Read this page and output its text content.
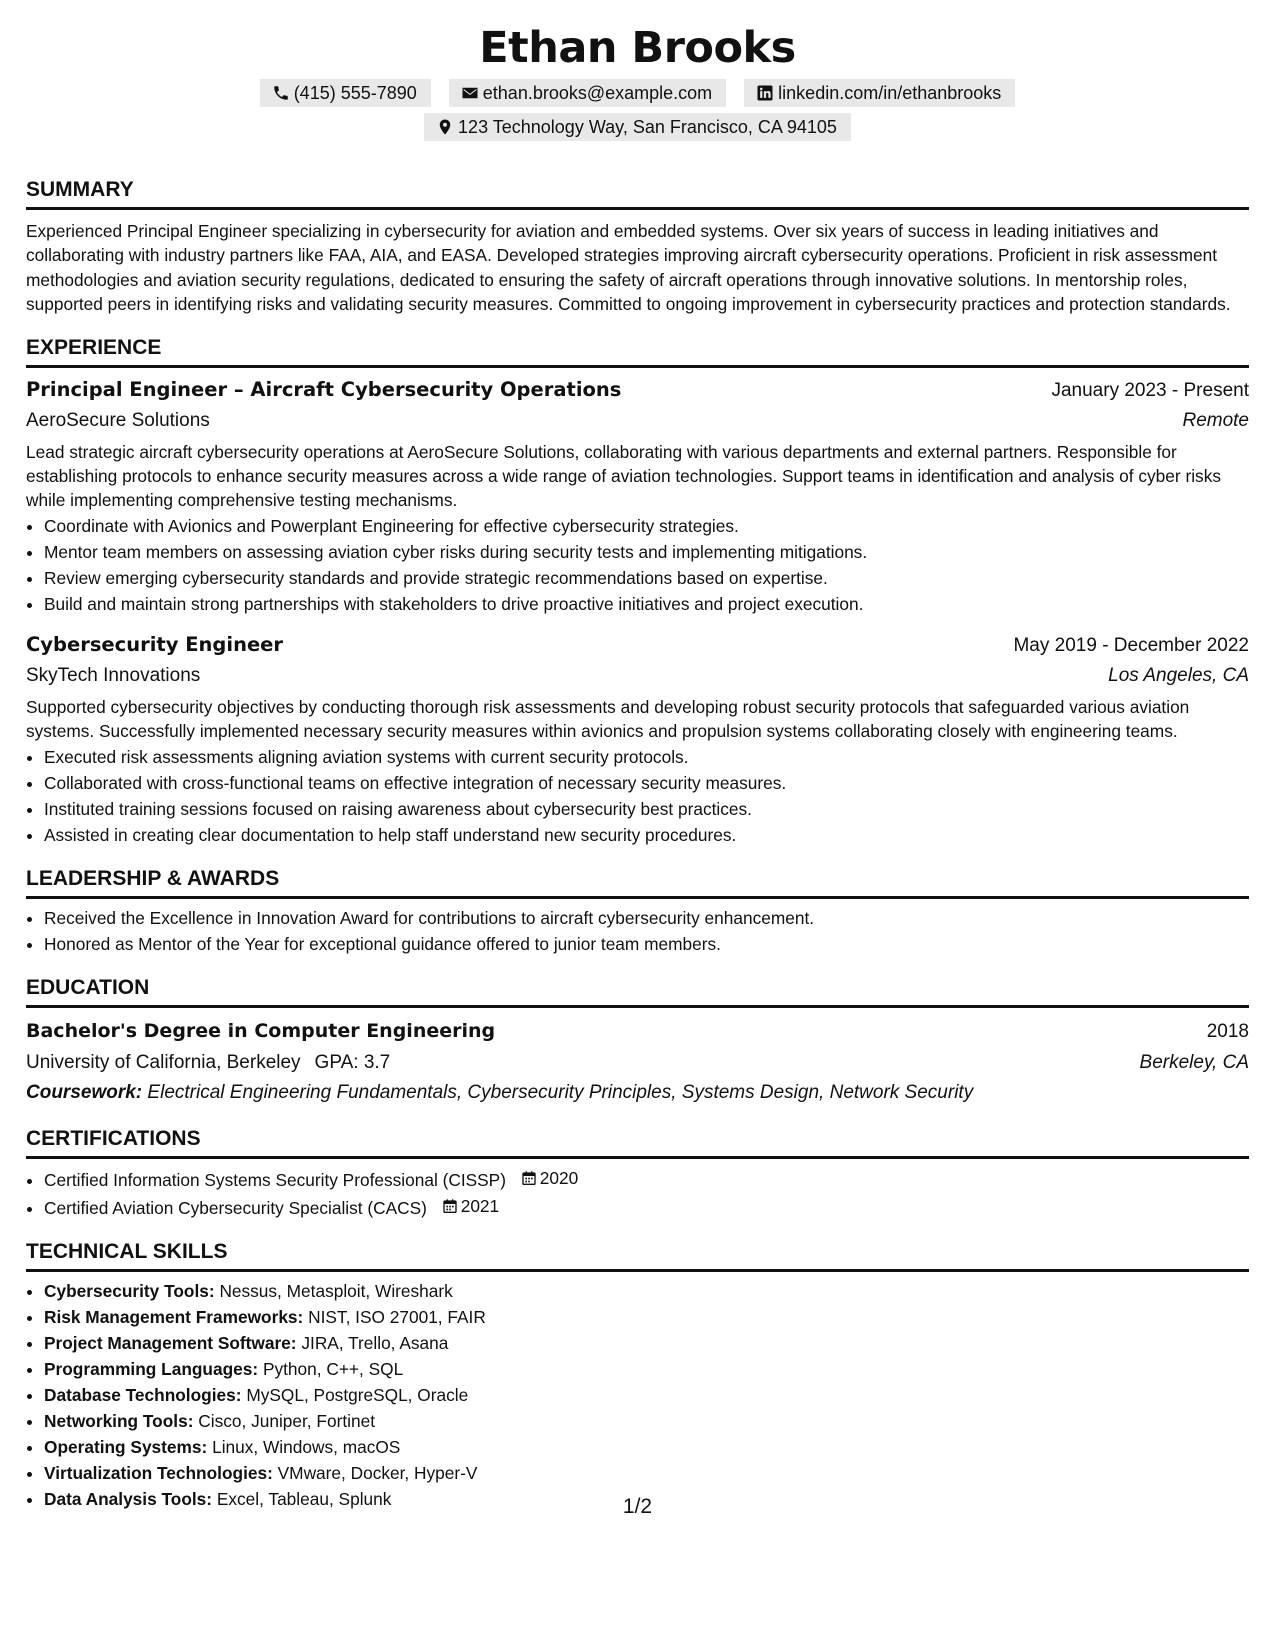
Ethan Brooks
(415) 555-7890	ethan.brooks@example.com	linkedin.com/in/ethanbrooks
123 Technology Way, San Francisco, CA 94105
SUMMARY

Experienced Principal Engineer specializing in cybersecurity for aviation and embedded systems. Over six years of success in leading initiatives and collaborating with industry partners like FAA, AIA, and EASA. Developed strategies improving aircraft cybersecurity operations. Proficient in risk assessment methodologies and aviation security regulations, dedicated to ensuring the safety of aircraft operations through innovative solutions. In mentorship roles, supported peers in identifying risks and validating security measures. Committed to ongoing improvement in cybersecurity practices and protection standards.

EXPERIENCE
Principal Engineer – Aircraft Cybersecurity Operations	January 2023 - Present
AeroSecure Solutions	Remote

Lead strategic aircraft cybersecurity operations at AeroSecure Solutions, collaborating with various departments and external partners. Responsible for establishing protocols to enhance security measures across a wide range of aviation technologies. Support teams in identification and analysis of cyber risks while implementing comprehensive testing mechanisms.

• Coordinate with Avionics and Powerplant Engineering for effective cybersecurity strategies.
• Mentor team members on assessing aviation cyber risks during security tests and implementing mitigations.
• Review emerging cybersecurity standards and provide strategic recommendations based on expertise.
• Build and maintain strong partnerships with stakeholders to drive proactive initiatives and project execution.
Cybersecurity Engineer	May 2019 - December 2022
SkyTech Innovations	Los Angeles, CA

Supported cybersecurity objectives by conducting thorough risk assessments and developing robust security protocols that safeguarded various aviation systems. Successfully implemented necessary security measures within avionics and propulsion systems collaborating closely with engineering teams.

• Executed risk assessments aligning aviation systems with current security protocols.
• Collaborated with cross-functional teams on effective integration of necessary security measures.
• Instituted training sessions focused on raising awareness about cybersecurity best practices.
• Assisted in creating clear documentation to help staff understand new security procedures.
LEADERSHIP & AWARDS
• Received the Excellence in Innovation Award for contributions to aircraft cybersecurity enhancement.
• Honored as Mentor of the Year for exceptional guidance offered to junior team members.
EDUCATION
Bachelor's Degree in Computer Engineering	2018
University of California, Berkeley GPA: 3.7	Berkeley, CA
Coursework: Electrical Engineering Fundamentals, Cybersecurity Principles, Systems Design, Network Security
CERTIFICATIONS
• Certified Information Systems Security Professional (CISSP) 2020
• Certified Aviation Cybersecurity Specialist (CACS) 2021
TECHNICAL SKILLS
• Cybersecurity Tools: Nessus, Metasploit, Wireshark
• Risk Management Frameworks: NIST, ISO 27001, FAIR
• Project Management Software: JIRA, Trello, Asana
• Programming Languages: Python, C++, SQL
• Database Technologies: MySQL, PostgreSQL, Oracle
• Networking Tools: Cisco, Juniper, Fortinet
• Operating Systems: Linux, Windows, macOS
• Virtualization Technologies: VMware, Docker, Hyper-V
• Data Analysis Tools: Excel, Tableau, Splunk	1/2
